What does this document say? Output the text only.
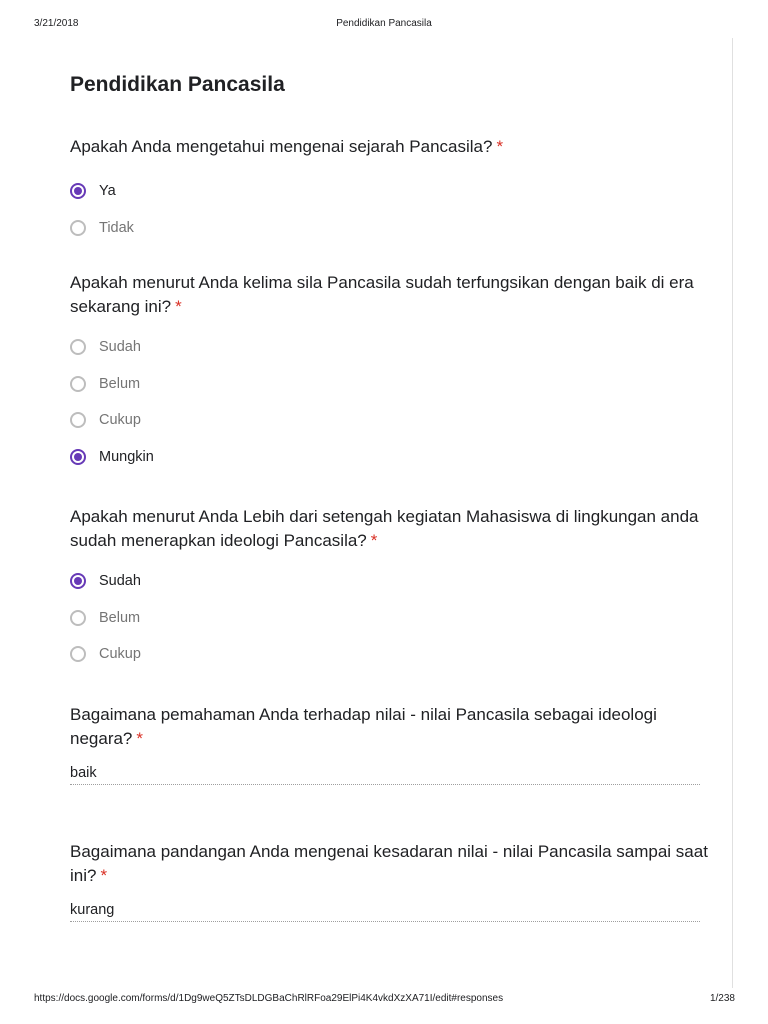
3/21/2018	Pendidikan Pancasila
Pendidikan Pancasila
Apakah Anda mengetahui mengenai sejarah Pancasila? *
Ya
Tidak
Apakah menurut Anda kelima sila Pancasila sudah terfungsikan dengan baik di era sekarang ini? *
Sudah
Belum
Cukup
Mungkin
Apakah menurut Anda Lebih dari setengah kegiatan Mahasiswa di lingkungan anda sudah menerapkan ideologi Pancasila? *
Sudah
Belum
Cukup
Bagaimana pemahaman Anda terhadap nilai - nilai Pancasila sebagai ideologi negara? *
baik
Bagaimana pandangan Anda mengenai kesadaran nilai - nilai Pancasila sampai saat ini? *
kurang
https://docs.google.com/forms/d/1Dg9weQ5ZTsDLDGBaChRlRFoa29ElPi4K4vkdXzXA71I/edit#responses	1/238
